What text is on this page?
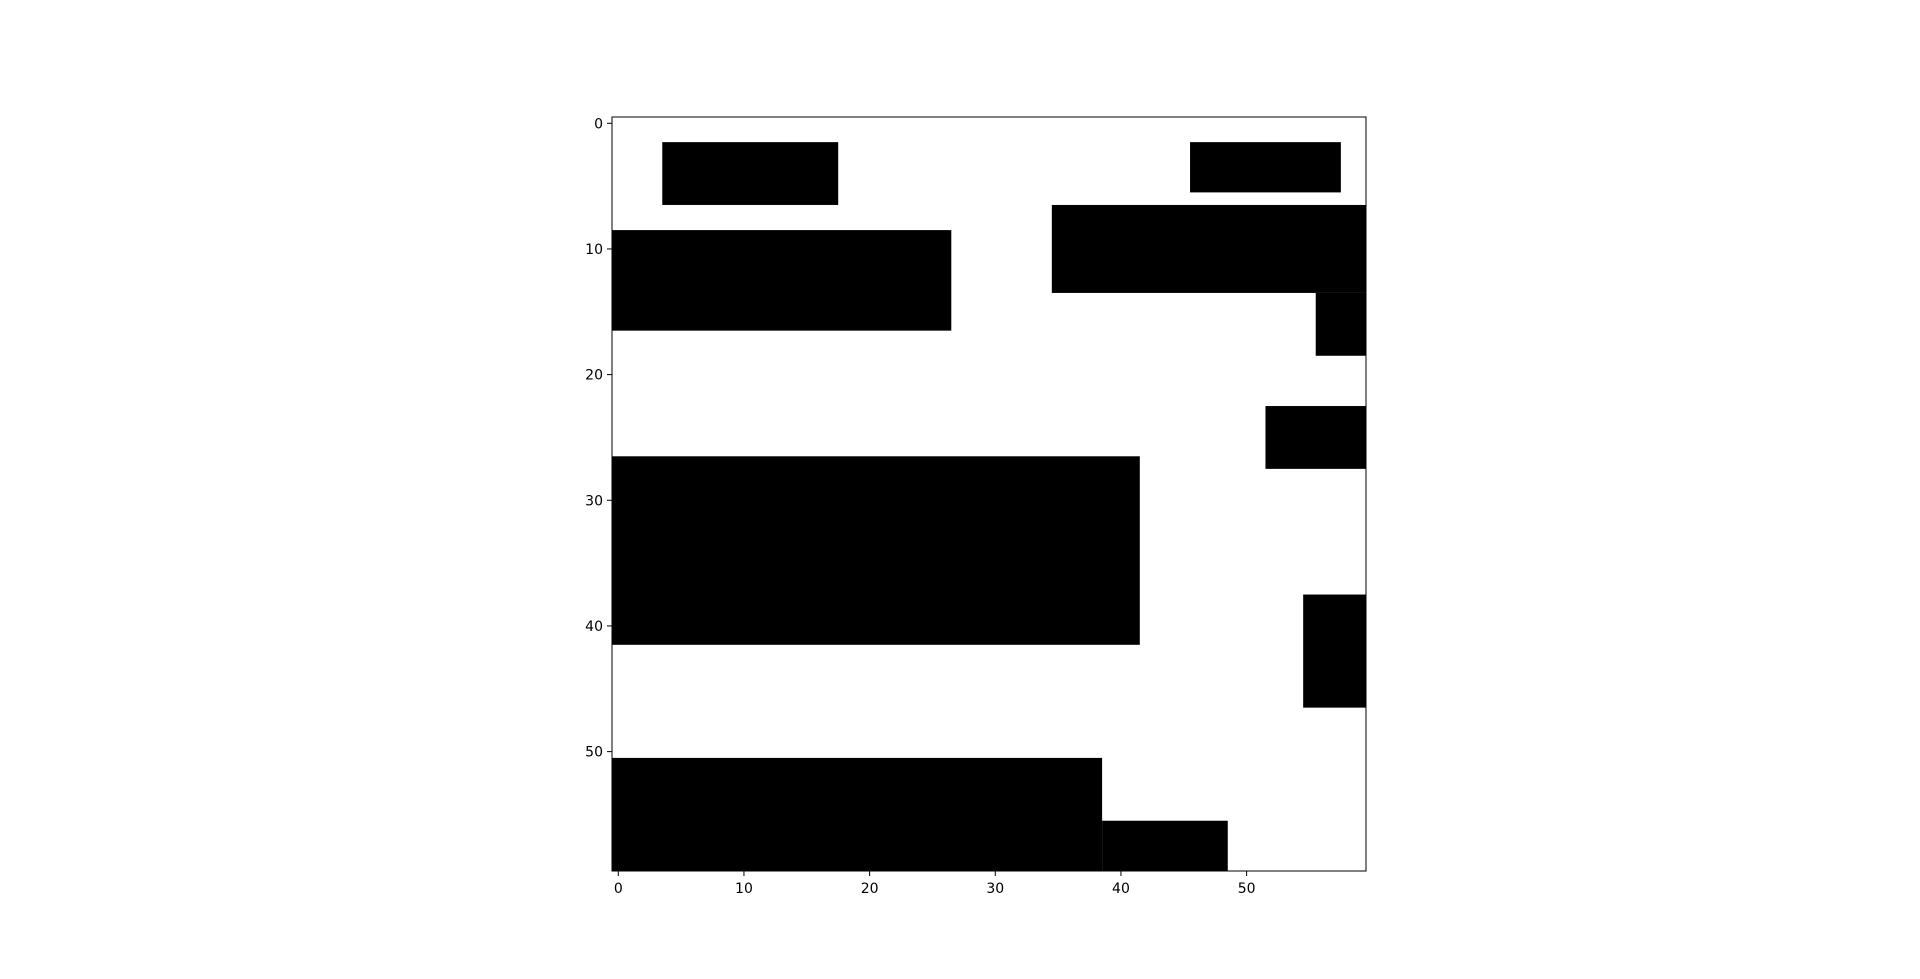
0	10	20	30	40	50
0
10
20
30
40
50
